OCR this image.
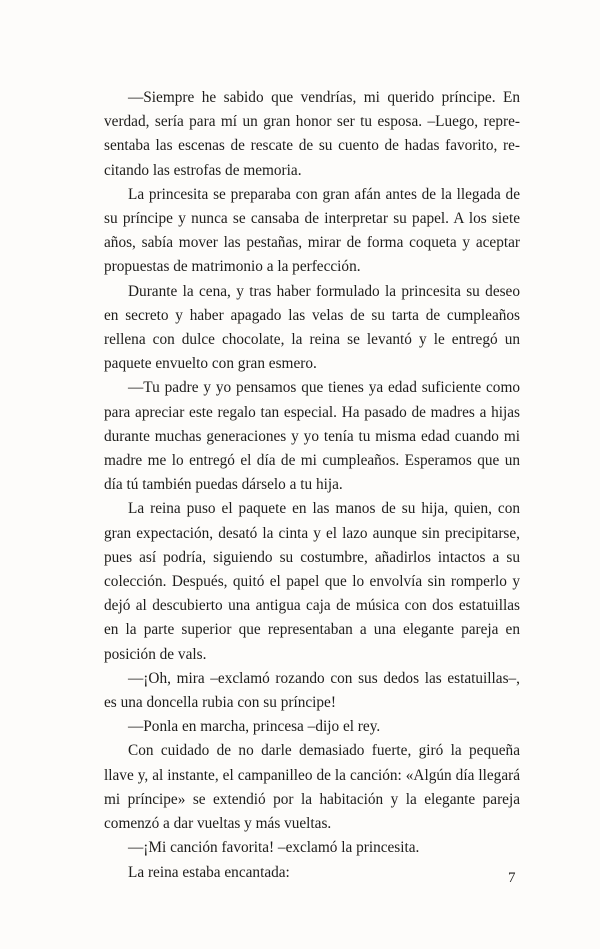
—Siempre he sabido que vendrías, mi querido príncipe. En verdad, sería para mí un gran honor ser tu esposa. –Luego, representaba las escenas de rescate de su cuento de hadas favorito, recitando las estrofas de memoria.

La princesita se preparaba con gran afán antes de la llegada de su príncipe y nunca se cansaba de interpretar su papel. A los siete años, sabía mover las pestañas, mirar de forma coqueta y aceptar propuestas de matrimonio a la perfección.

Durante la cena, y tras haber formulado la princesita su deseo en secreto y haber apagado las velas de su tarta de cumpleaños rellena con dulce chocolate, la reina se levantó y le entregó un paquete envuelto con gran esmero.

—Tu padre y yo pensamos que tienes ya edad suficiente como para apreciar este regalo tan especial. Ha pasado de madres a hijas durante muchas generaciones y yo tenía tu misma edad cuando mi madre me lo entregó el día de mi cumpleaños. Esperamos que un día tú también puedas dárselo a tu hija.

La reina puso el paquete en las manos de su hija, quien, con gran expectación, desató la cinta y el lazo aunque sin precipitarse, pues así podría, siguiendo su costumbre, añadirlos intactos a su colección. Después, quitó el papel que lo envolvía sin romperlo y dejó al descubierto una antigua caja de música con dos estatuillas en la parte superior que representaban a una elegante pareja en posición de vals.

—¡Oh, mira –exclamó rozando con sus dedos las estatuillas–, es una doncella rubia con su príncipe!

—Ponla en marcha, princesa –dijo el rey.

Con cuidado de no darle demasiado fuerte, giró la pequeña llave y, al instante, el campanilleo de la canción: «Algún día llegará mi príncipe» se extendió por la habitación y la elegante pareja comenzó a dar vueltas y más vueltas.

—¡Mi canción favorita! –exclamó la princesita.

La reina estaba encantada:	7
